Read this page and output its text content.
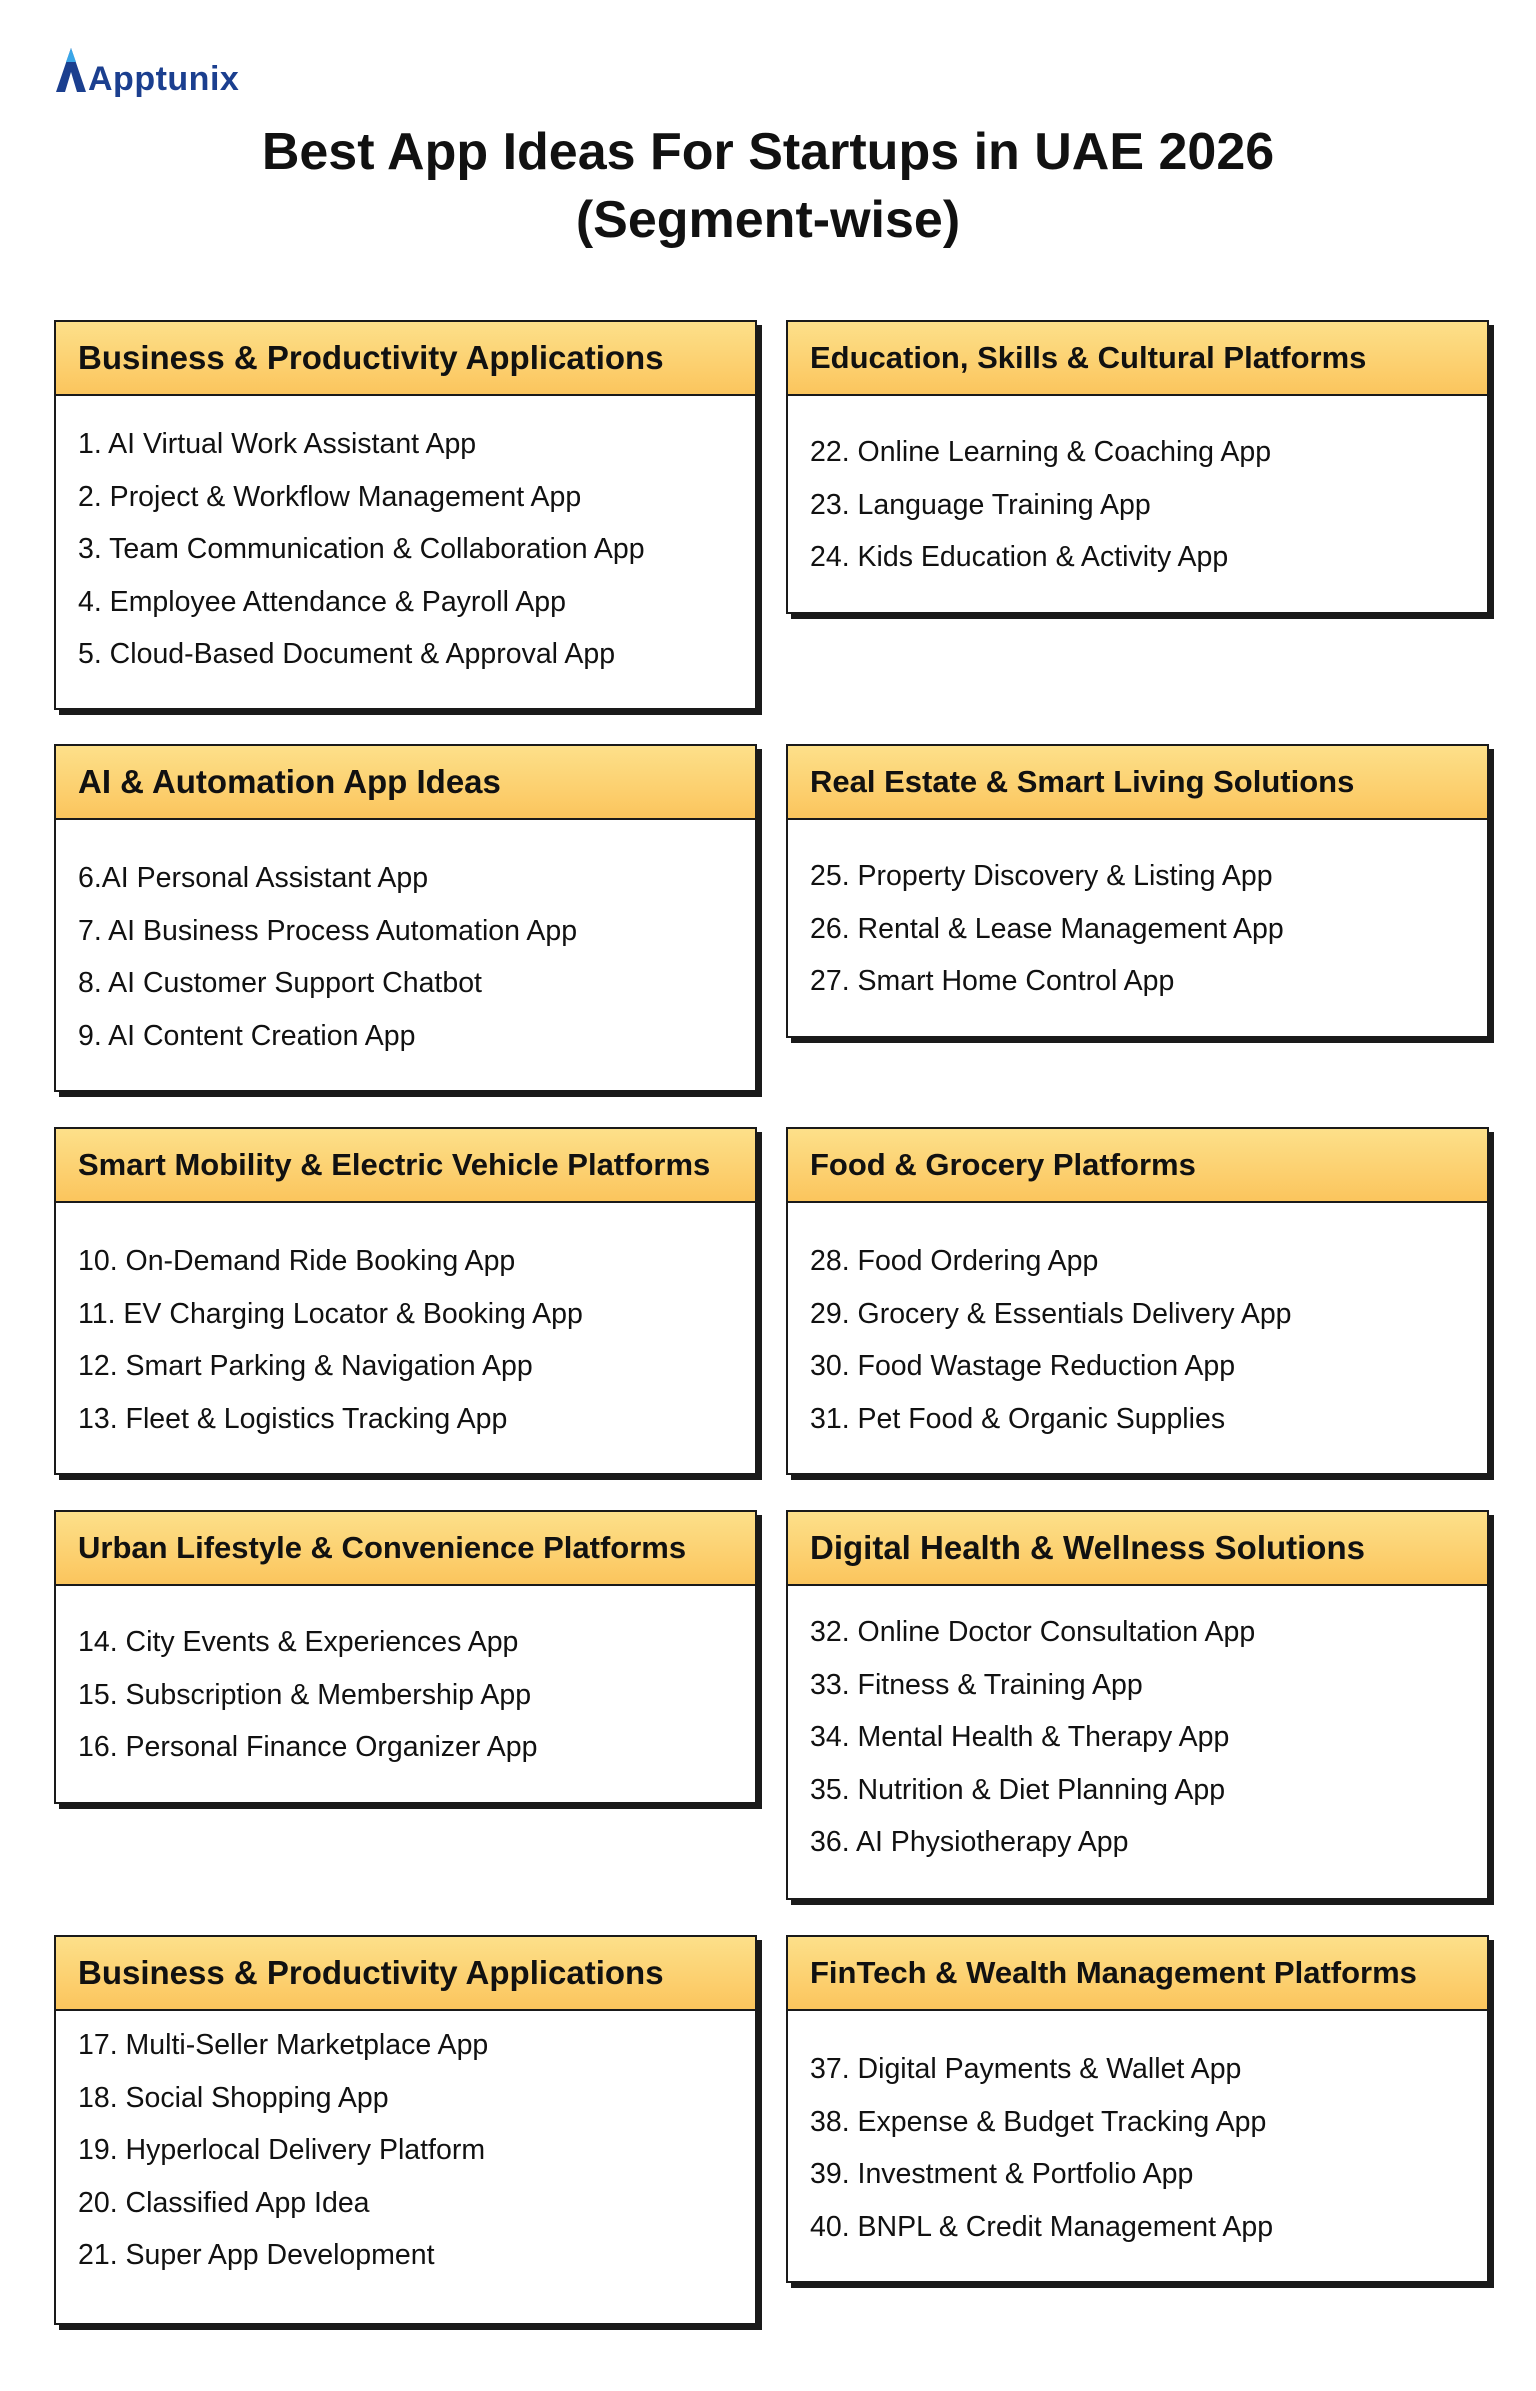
Apptunix
Best App Ideas For Startups in UAE 2026
(Segment-wise)
Business & Productivity Applications
1. AI Virtual Work Assistant App
2. Project & Workflow Management App
3. Team Communication & Collaboration App
4. Employee Attendance & Payroll App
5. Cloud-Based Document & Approval App
Education, Skills & Cultural Platforms
22. Online Learning & Coaching App
23. Language Training App
24. Kids Education & Activity App
AI & Automation App Ideas
6.AI Personal Assistant App
7. AI Business Process Automation App
8. AI Customer Support Chatbot
9. AI Content Creation App
Real Estate & Smart Living Solutions
25. Property Discovery & Listing App
26. Rental & Lease Management App
27. Smart Home Control App
Smart Mobility & Electric Vehicle Platforms
10. On-Demand Ride Booking App
11. EV Charging Locator & Booking App
12. Smart Parking & Navigation App
13. Fleet & Logistics Tracking App
Food & Grocery Platforms
28. Food Ordering App
29. Grocery & Essentials Delivery App
30. Food Wastage Reduction App
31. Pet Food & Organic Supplies
Urban Lifestyle & Convenience Platforms
14. City Events & Experiences App
15. Subscription & Membership App
16. Personal Finance Organizer App
Digital Health & Wellness Solutions
32. Online Doctor Consultation App
33. Fitness & Training App
34. Mental Health & Therapy App
35. Nutrition & Diet Planning App
36. AI Physiotherapy App
Business & Productivity Applications
17. Multi-Seller Marketplace App
18. Social Shopping App
19. Hyperlocal Delivery Platform
20. Classified App Idea
21. Super App Development
FinTech & Wealth Management Platforms
37. Digital Payments & Wallet App
38. Expense & Budget Tracking App
39. Investment & Portfolio App
40. BNPL & Credit Management App
